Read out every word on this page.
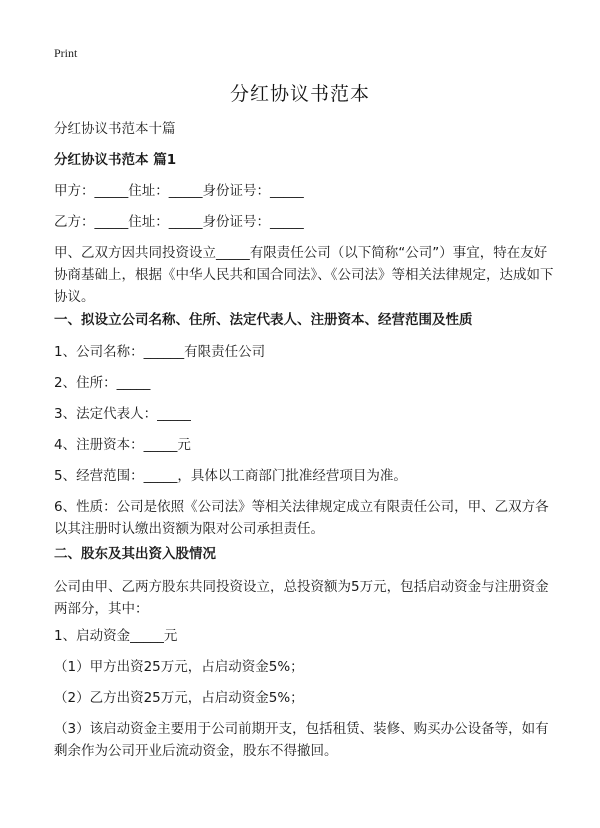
Print
分红协议书范本
分红协议书范本十篇
分红协议书范本 篇1
甲方：_____住址：_____身份证号：_____
乙方：_____住址：_____身份证号：_____
甲、乙双方因共同投资设立_____有限责任公司（以下简称“公司”）事宜，特在友好协商基础上，根据《中华人民共和国合同法》、《公司法》等相关法律规定，达成如下协议。
一、拟设立公司名称、住所、法定代表人、注册资本、经营范围及性质
1、公司名称：______有限责任公司
2、住所：_____
3、法定代表人：_____
4、注册资本：_____元
5、经营范围：_____，具体以工商部门批准经营项目为准。
6、性质：公司是依照《公司法》等相关法律规定成立有限责任公司，甲、乙双方各以其注册时认缴出资额为限对公司承担责任。
二、股东及其出资入股情况
公司由甲、乙两方股东共同投资设立，总投资额为5万元，包括启动资金与注册资金两部分，其中：
1、启动资金_____元
（1）甲方出资25万元，占启动资金5%；
（2）乙方出资25万元，占启动资金5%；
（3）该启动资金主要用于公司前期开支，包括租赁、装修、购买办公设备等，如有剩余作为公司开业后流动资金，股东不得撤回。
